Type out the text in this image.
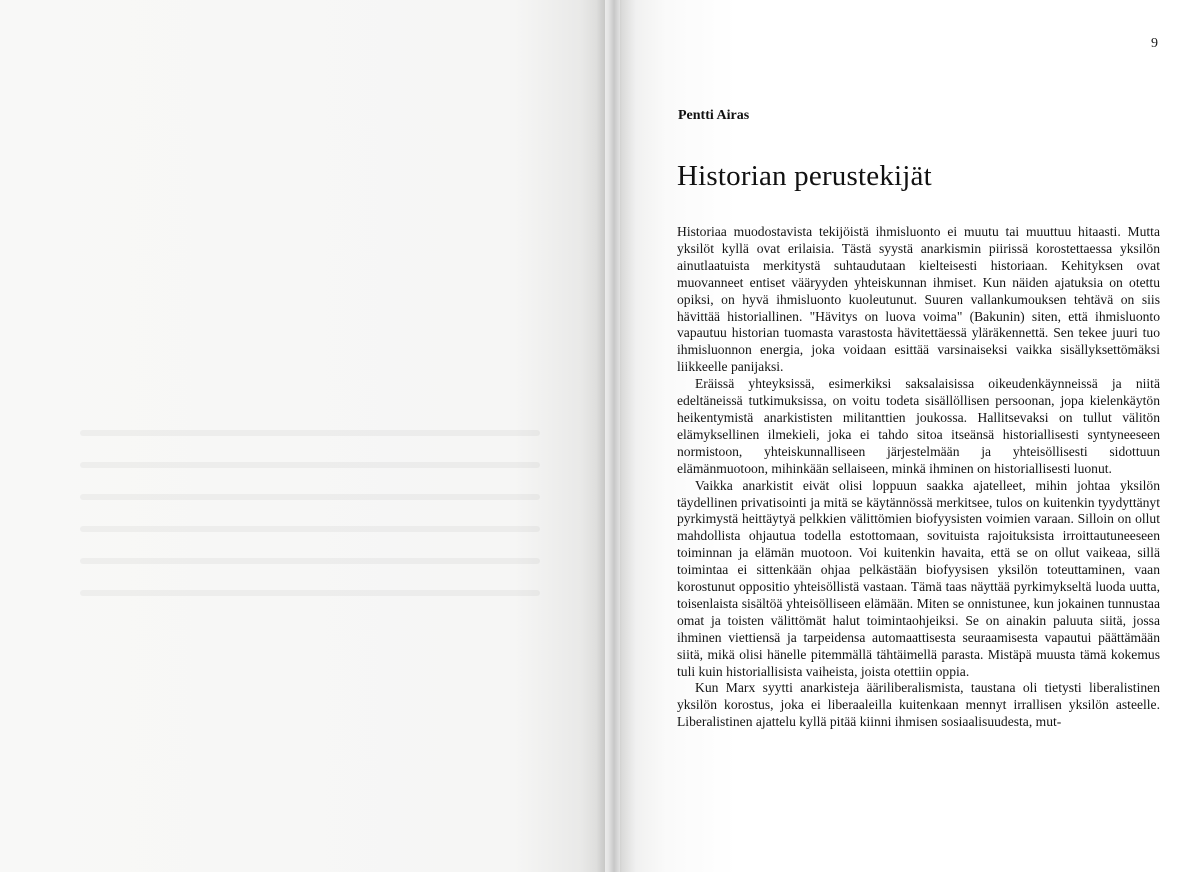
9
Pentti Airas
Historian perustekijät

Historiaa muodostavista tekijöistä ihmisluonto ei muutu tai muuttuu hitaasti. Mutta yksilöt kyllä ovat erilaisia. Tästä syystä anarkismin piirissä korostettaessa yksilön ainutlaatuista merkitystä suhtaudutaan kielteisesti historiaan. Kehityksen ovat muovanneet entiset vääryyden yhteiskunnan ihmiset. Kun näiden ajatuksia on otettu opiksi, on hyvä ihmisluonto kuoleutunut. Suuren vallankumouksen tehtävä on siis hävittää historiallinen. "Hävitys on luova voima" (Bakunin) siten, että ihmisluonto vapautuu historian tuomasta varastosta hävitettäessä yläräkennettä. Sen tekee juuri tuo ihmisluonnon energia, joka voidaan esittää varsinaiseksi vaikka sisällyksettömäksi liikkeelle panijaksi.

Eräissä yhteyksissä, esimerkiksi saksalaisissa oikeudenkäynneissä ja niitä edeltäneissä tutkimuksissa, on voitu todeta sisällöllisen persoonan, jopa kielenkäytön heikentymistä anarkististen militanttien joukossa. Hallitsevaksi on tullut välitön elämyksellinen ilmekieli, joka ei tahdo sitoa itseänsä historiallisesti syntyneeseen normistoon, yhteiskunnalliseen järjestelmään ja yhteisöllisesti sidottuun elämänmuotoon, mihinkään sellaiseen, minkä ihminen on historiallisesti luonut.

Vaikka anarkistit eivät olisi loppuun saakka ajatelleet, mihin johtaa yksilön täydellinen privatisointi ja mitä se käytännössä merkitsee, tulos on kuitenkin tyydyttänyt pyrkimystä heittäytyä pelkkien välittömien biofyysisten voimien varaan. Silloin on ollut mahdollista ohjautua todella estottomaan, sovituista rajoituksista irroittautuneeseen toiminnan ja elämän muotoon. Voi kuitenkin havaita, että se on ollut vaikeaa, sillä toimintaa ei sittenkään ohjaa pelkästään biofyysisen yksilön toteuttaminen, vaan korostunut oppositio yhteisöllistä vastaan. Tämä taas näyttää pyrkimykseltä luoda uutta, toisenlaista sisältöä yhteisölliseen elämään. Miten se onnistunee, kun jokainen tunnustaa omat ja toisten välittömät halut toimintaohjeiksi. Se on ainakin paluuta siitä, jossa ihminen viettiensä ja tarpeidensa automaattisesta seuraamisesta vapautui päättämään siitä, mikä olisi hänelle pitemmällä tähtäimellä parasta. Mistäpä muusta tämä kokemus tuli kuin historiallisista vaiheista, joista otettiin oppia.

Kun Marx syytti anarkisteja ääriliberalismista, taustana oli tietysti liberalistinen yksilön korostus, joka ei liberaaleilla kuitenkaan mennyt irrallisen yksilön asteelle. Liberalistinen ajattelu kyllä pitää kiinni ihmisen sosiaalisuudesta, mut-
